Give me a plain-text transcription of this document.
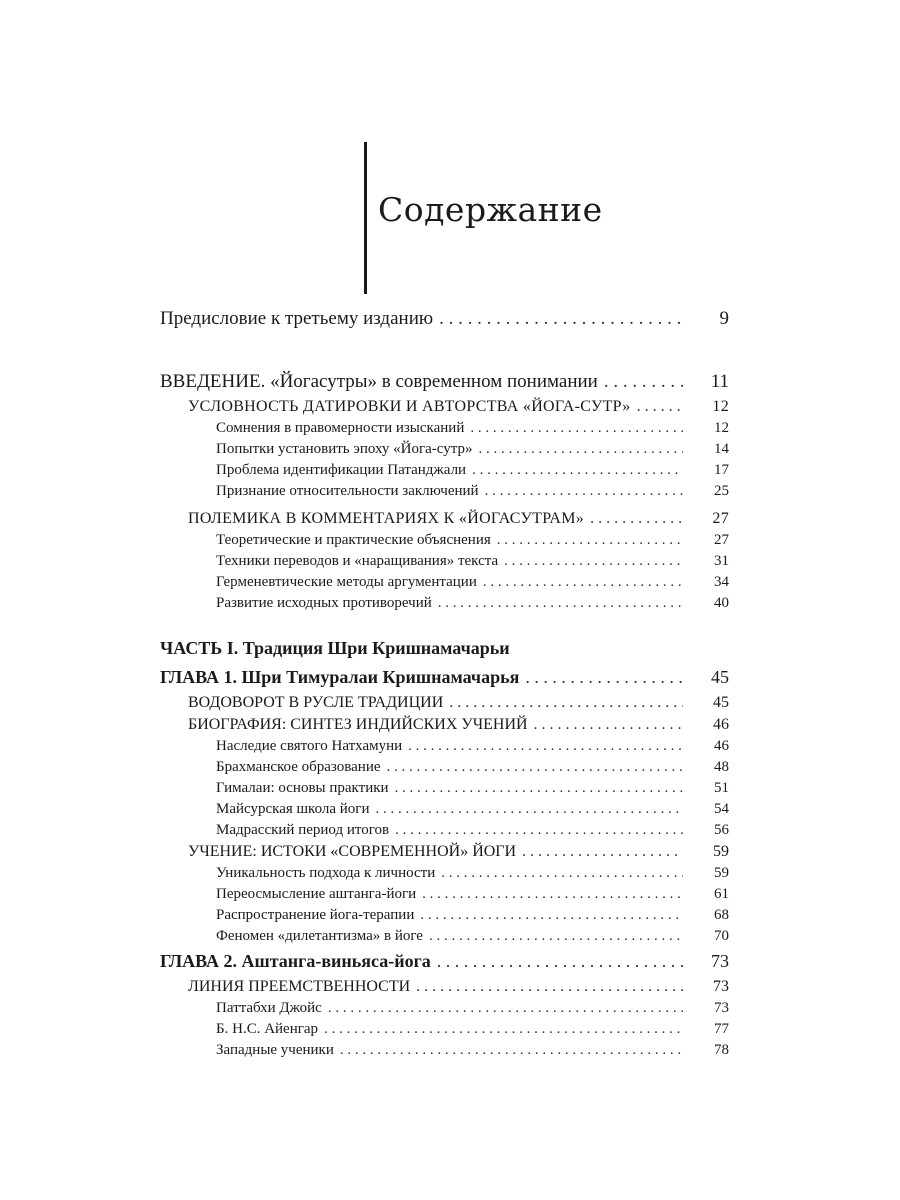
Содержание
Предисловие к третьему изданию . . .	9
ВВЕДЕНИЕ. «Йогасутры» в современном понимании . . .	11
УСЛОВНОСТЬ ДАТИРОВКИ И АВТОРСТВА «ЙОГА-СУТР» . . .	12
Сомнения в правомерности изысканий . . .	12
Попытки установить эпоху «Йога-сутр» . . .	14
Проблема идентификации Патанджали . . .	17
Признание относительности заключений . . .	25
ПОЛЕМИКА В КОММЕНТАРИЯХ К «ЙОГАСУТРАМ» . . .	27
Теоретические и практические объяснения . . .	27
Техники переводов и «наращивания» текста . . .	31
Герменевтические методы аргументации . . .	34
Развитие исходных противоречий . . .	40
ЧАСТЬ I. Традиция Шри Кришнамачарьи
ГЛАВА 1. Шри Тимуралаи Кришнамачарья . . .	45
ВОДОВОРОТ В РУСЛЕ ТРАДИЦИИ . . .	45
БИОГРАФИЯ: СИНТЕЗ ИНДИЙСКИХ УЧЕНИЙ . . .	46
Наследие святого Натхамуни . . .	46
Брахманское образование . . .	48
Гималаи: основы практики . . .	51
Майсурская школа йоги . . .	54
Мадрасский период итогов . . .	56
УЧЕНИЕ: ИСТОКИ «СОВРЕМЕННОЙ» ЙОГИ . . .	59
Уникальность подхода к личности . . .	59
Переосмысление аштанга-йоги . . .	61
Распространение йога-терапии . . .	68
Феномен «дилетантизма» в йоге . . .	70
ГЛАВА 2. Аштанга-виньяса-йога . . .	73
ЛИНИЯ ПРЕЕМСТВЕННОСТИ . . .	73
Паттабхи Джойс . . .	73
Б. Н.С. Айенгар . . .	77
Западные ученики . . .	78
